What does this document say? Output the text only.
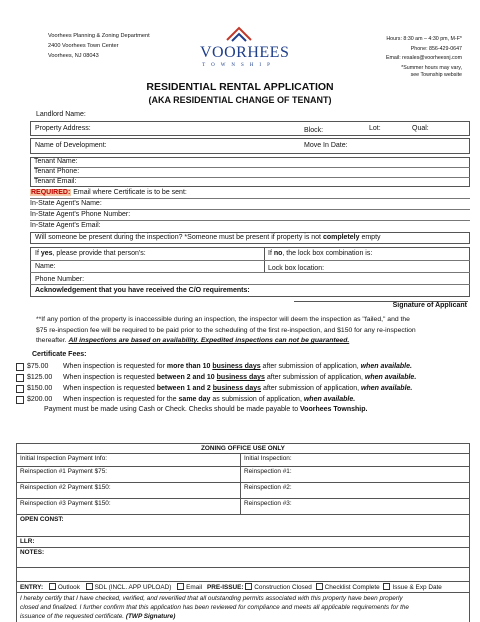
Voorhees Planning & Zoning Department
2400 Voorhees Town Center
Voorhees, NJ 08043	VOORHEES
TOWNSHIP
Hours: 8:30 am – 4:30 pm, M-F*
Phone: 856-429-0647
Email: resales@voorheesnj.com
*Summer hours may vary,
see Township website
RESIDENTIAL RENTAL APPLICATION
(AKA RESIDENTIAL CHANGE OF TENANT)
Landlord Name:
Property Address:	Block:	Lot:	Qual:
Name of Development:	Move In Date:
Tenant Name:
Tenant Phone:
Tenant Email:
REQUIRED: Email where Certificate is to be sent:
In-State Agent's Name:
In-State Agent's Phone Number:
In-State Agent's Email:
Will someone be present during the inspection? *Someone must be present if property is not completely empty
If yes, please provide that person's:	If no, the lock box combination is:
Name:	Lock box location:
Phone Number:
Acknowledgement that you have received the C/O requirements:
Signature of Applicant
**If any portion of the property is inaccessible during an inspection, the inspector will deem the inspection as "failed," and the
$75 re-inspection fee will be required to be paid prior to the scheduling of the first re-inspection, and $150 for any re-inspection
thereafter. All inspections are based on availability. Expedited inspections can not be guaranteed.
Certificate Fees:
$75.00 When inspection is requested for more than 10 business days after submission of application, when available.
$125.00 When inspection is requested between 2 and 10 business days after submission of application, when available.
$150.00 When inspection is requested between 1 and 2 business days after submission of application, when available.
$200.00 When inspection is requested for the same day as submission of application, when available.
Payment must be made using Cash or Check. Checks should be made payable to Voorhees Township.
ZONING OFFICE USE ONLY	
Initial Inspection Payment Info:	Initial Inspection:
Reinspection #1 Payment $75:	Reinspection #1:
Reinspection #2 Payment $150:	Reinspection #2:
Reinspection #3 Payment $150:	Reinspection #3:
OPEN CONST:	
LLR:	
NOTES:	

ENTRY: Outlook SDL (INCL. APP UPLOAD) Email PRE-ISSUE: Construction Closed Checklist Complete Issue & Exp Date	

I hereby certify that I have checked, verified, and reverified that all outstanding permits associated with this property have been properly
closed and finalized. I further confirm that this application has been reviewed for compliance and meets all applicable requirements for the
issuance of the requested certificate. (TWP Signature)	
